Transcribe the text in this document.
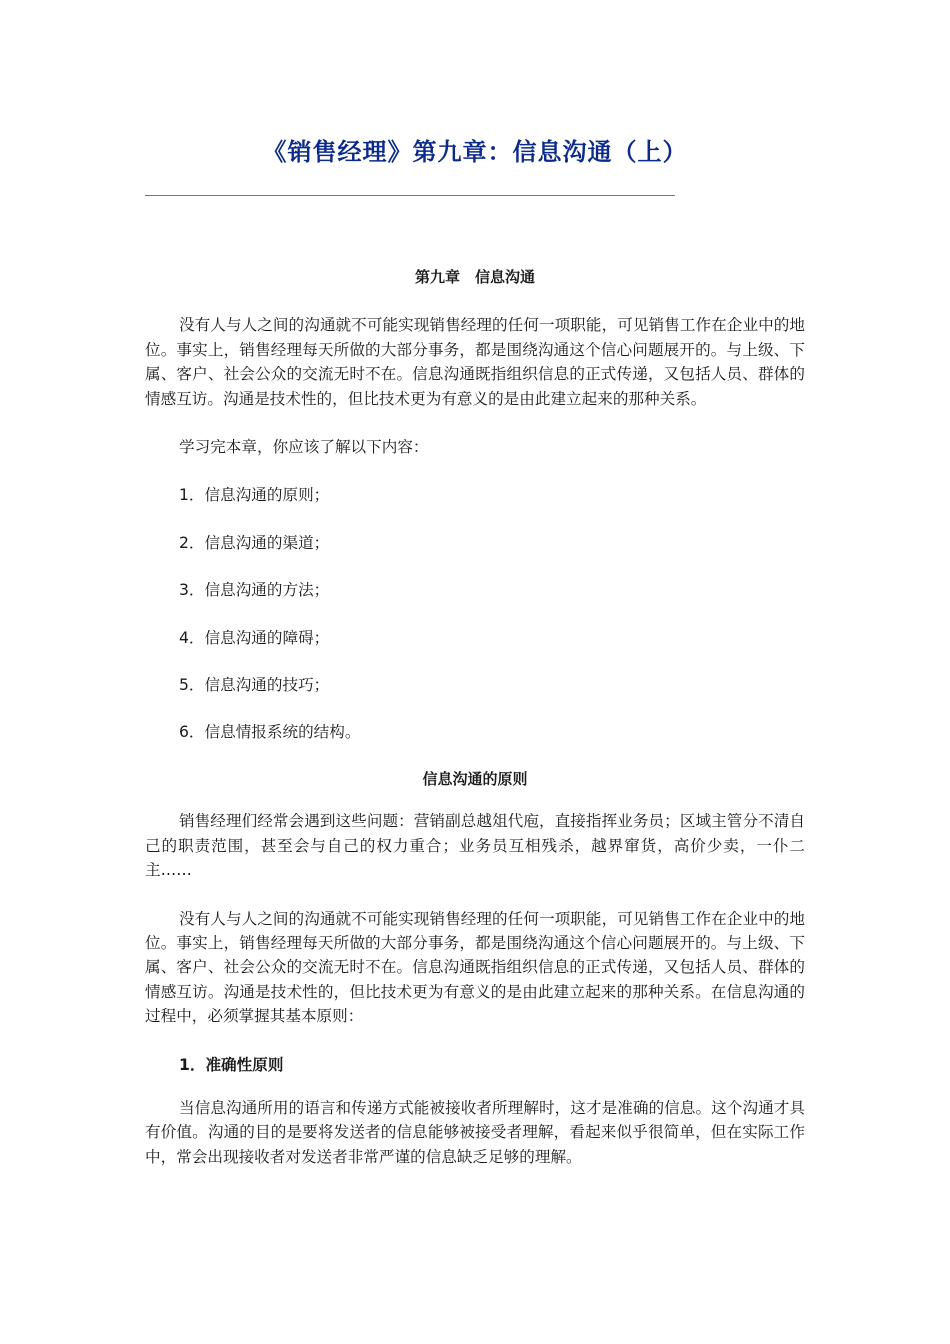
《销售经理》第九章：信息沟通（上）
第九章　信息沟通

没有人与人之间的沟通就不可能实现销售经理的任何一项职能，可见销售工作在企业中的地位。事实上，销售经理每天所做的大部分事务，都是围绕沟通这个信心问题展开的。与上级、下属、客户、社会公众的交流无时不在。信息沟通既指组织信息的正式传递，又包括人员、群体的情感互访。沟通是技术性的，但比技术更为有意义的是由此建立起来的那种关系。

学习完本章，你应该了解以下内容：

1．信息沟通的原则；

2．信息沟通的渠道；

3．信息沟通的方法；

4．信息沟通的障碍；

5．信息沟通的技巧；

6．信息情报系统的结构。

信息沟通的原则

销售经理们经常会遇到这些问题：营销副总越俎代庖，直接指挥业务员；区域主管分不清自己的职责范围，甚至会与自己的权力重合；业务员互相残杀，越界窜货，高价少卖，一仆二主……

没有人与人之间的沟通就不可能实现销售经理的任何一项职能，可见销售工作在企业中的地位。事实上，销售经理每天所做的大部分事务，都是围绕沟通这个信心问题展开的。与上级、下属、客户、社会公众的交流无时不在。信息沟通既指组织信息的正式传递，又包括人员、群体的情感互访。沟通是技术性的，但比技术更为有意义的是由此建立起来的那种关系。在信息沟通的过程中，必须掌握其基本原则：

1．准确性原则

当信息沟通所用的语言和传递方式能被接收者所理解时，这才是准确的信息。这个沟通才具有价值。沟通的目的是要将发送者的信息能够被接受者理解，看起来似乎很简单，但在实际工作中，常会出现接收者对发送者非常严谨的信息缺乏足够的理解。
